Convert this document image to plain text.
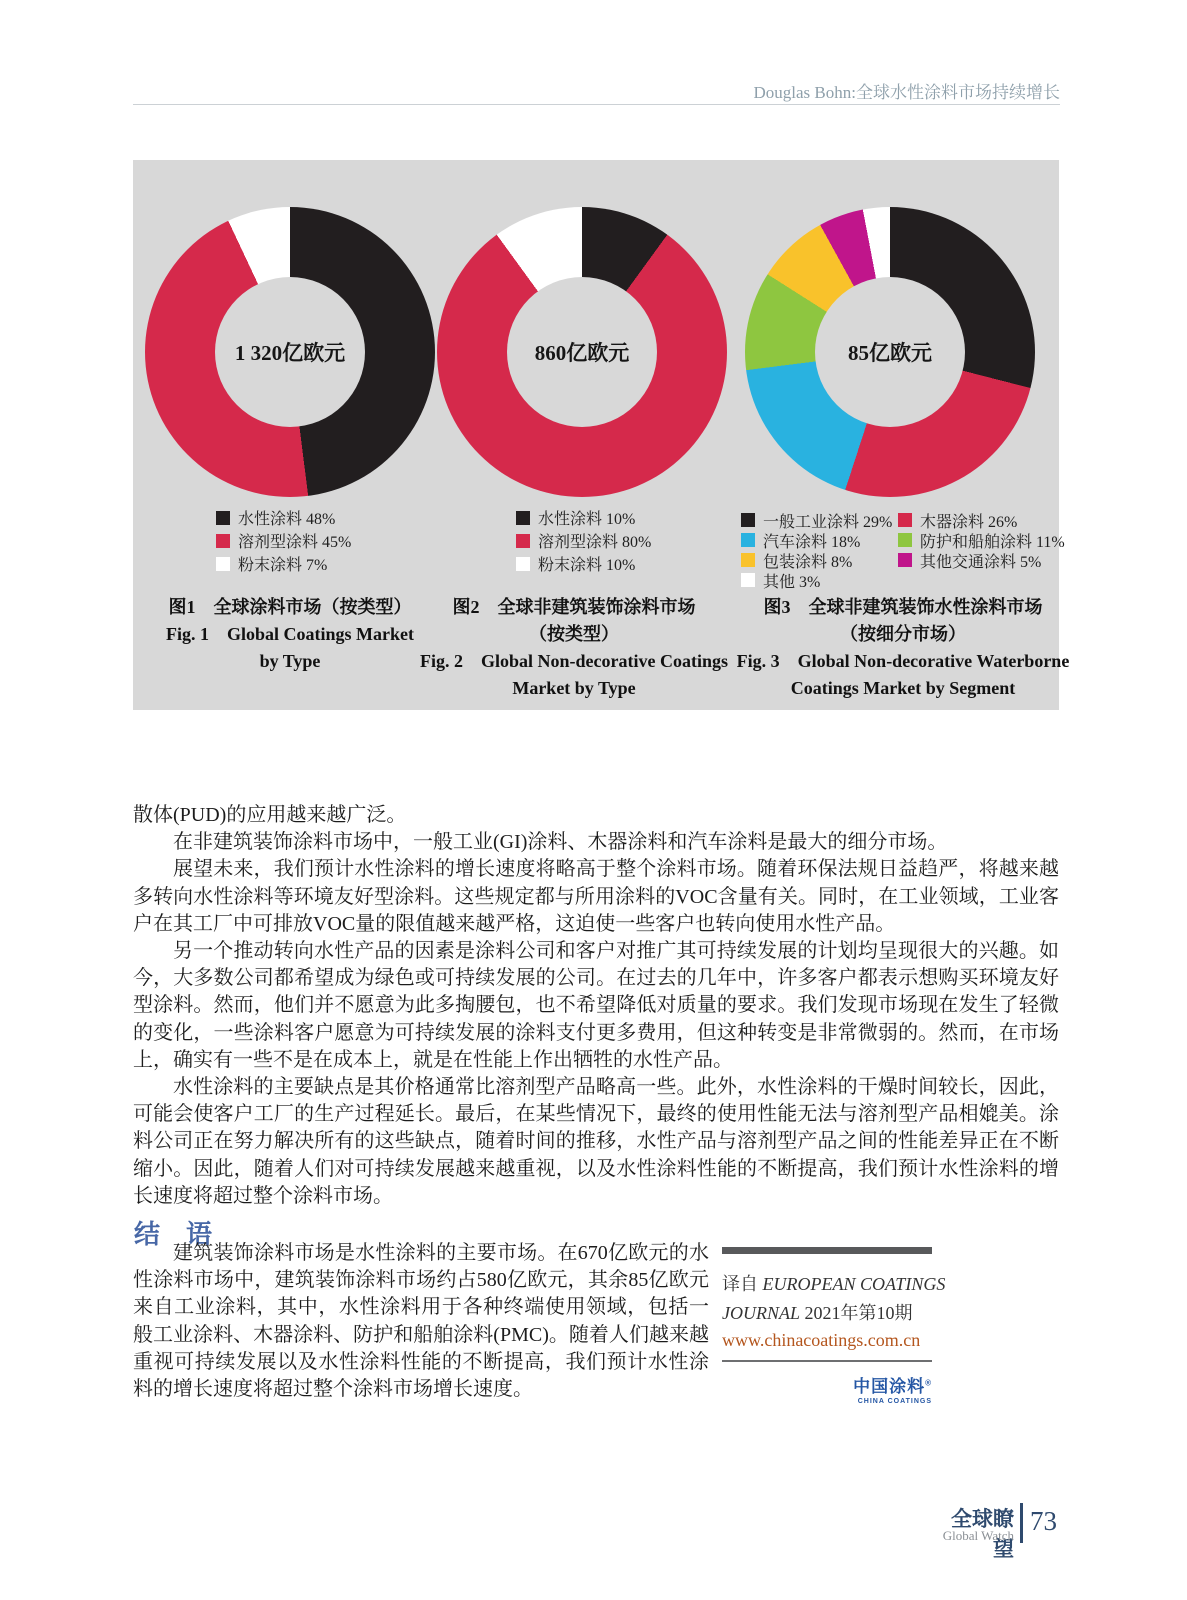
Douglas Bohn:全球水性涂料市场持续增长
1 320亿欧元
水性涂料 48%
溶剂型涂料 45%
粉末涂料 7%
图1　全球涂料市场（按类型）
Fig. 1　Global Coatings Market
by Type
860亿欧元
水性涂料 10%
溶剂型涂料 80%
粉末涂料 10%
图2　全球非建筑装饰涂料市场
（按类型）
Fig. 2　Global Non-decorative Coatings
Market by Type
85亿欧元
一般工业涂料 29% 木器涂料 26%
汽车涂料 18%	防护和船舶涂料 11%
包装涂料 8%	其他交通涂料 5%
其他 3%
图3　全球非建筑装饰水性涂料市场
（按细分市场）
Fig. 3　Global Non-decorative Waterborne
Coatings Market by Segment

散体(PUD)的应用越来越广泛。

在非建筑装饰涂料市场中，一般工业(GI)涂料、木器涂料和汽车涂料是最大的细分市场。

展望未来，我们预计水性涂料的增长速度将略高于整个涂料市场。随着环保法规日益趋严，将越来越多转向水性涂料等环境友好型涂料。这些规定都与所用涂料的VOC含量有关。同时，在工业领域，工业客户在其工厂中可排放VOC量的限值越来越严格，这迫使一些客户也转向使用水性产品。

另一个推动转向水性产品的因素是涂料公司和客户对推广其可持续发展的计划均呈现很大的兴趣。如今，大多数公司都希望成为绿色或可持续发展的公司。在过去的几年中，许多客户都表示想购买环境友好型涂料。然而，他们并不愿意为此多掏腰包，也不希望降低对质量的要求。我们发现市场现在发生了轻微的变化，一些涂料客户愿意为可持续发展的涂料支付更多费用，但这种转变是非常微弱的。然而，在市场上，确实有一些不是在成本上，就是在性能上作出牺牲的水性产品。

水性涂料的主要缺点是其价格通常比溶剂型产品略高一些。此外，水性涂料的干燥时间较长，因此，可能会使客户工厂的生产过程延长。最后，在某些情况下，最终的使用性能无法与溶剂型产品相媲美。涂料公司正在努力解决所有的这些缺点，随着时间的推移，水性产品与溶剂型产品之间的性能差异正在不断缩小。因此，随着人们对可持续发展越来越重视，以及水性涂料性能的不断提高，我们预计水性涂料的增长速度将超过整个涂料市场。

结　语

建筑装饰涂料市场是水性涂料的主要市场。在670亿欧元的水性涂料市场中，建筑装饰涂料市场约占580亿欧元，其余85亿欧元来自工业涂料，其中，水性涂料用于各种终端使用领域，包括一般工业涂料、木器涂料、防护和船舶涂料(PMC)。随着人们越来越重视可持续发展以及水性涂料性能的不断提高，我们预计水性涂料的增长速度将超过整个涂料市场增长速度。

译自 EUROPEAN COATINGS
JOURNAL 2021年第10期
www.chinacoatings.com.cn
中国涂料®
CHINA COATINGS
全球瞭望
Global Watch 73
